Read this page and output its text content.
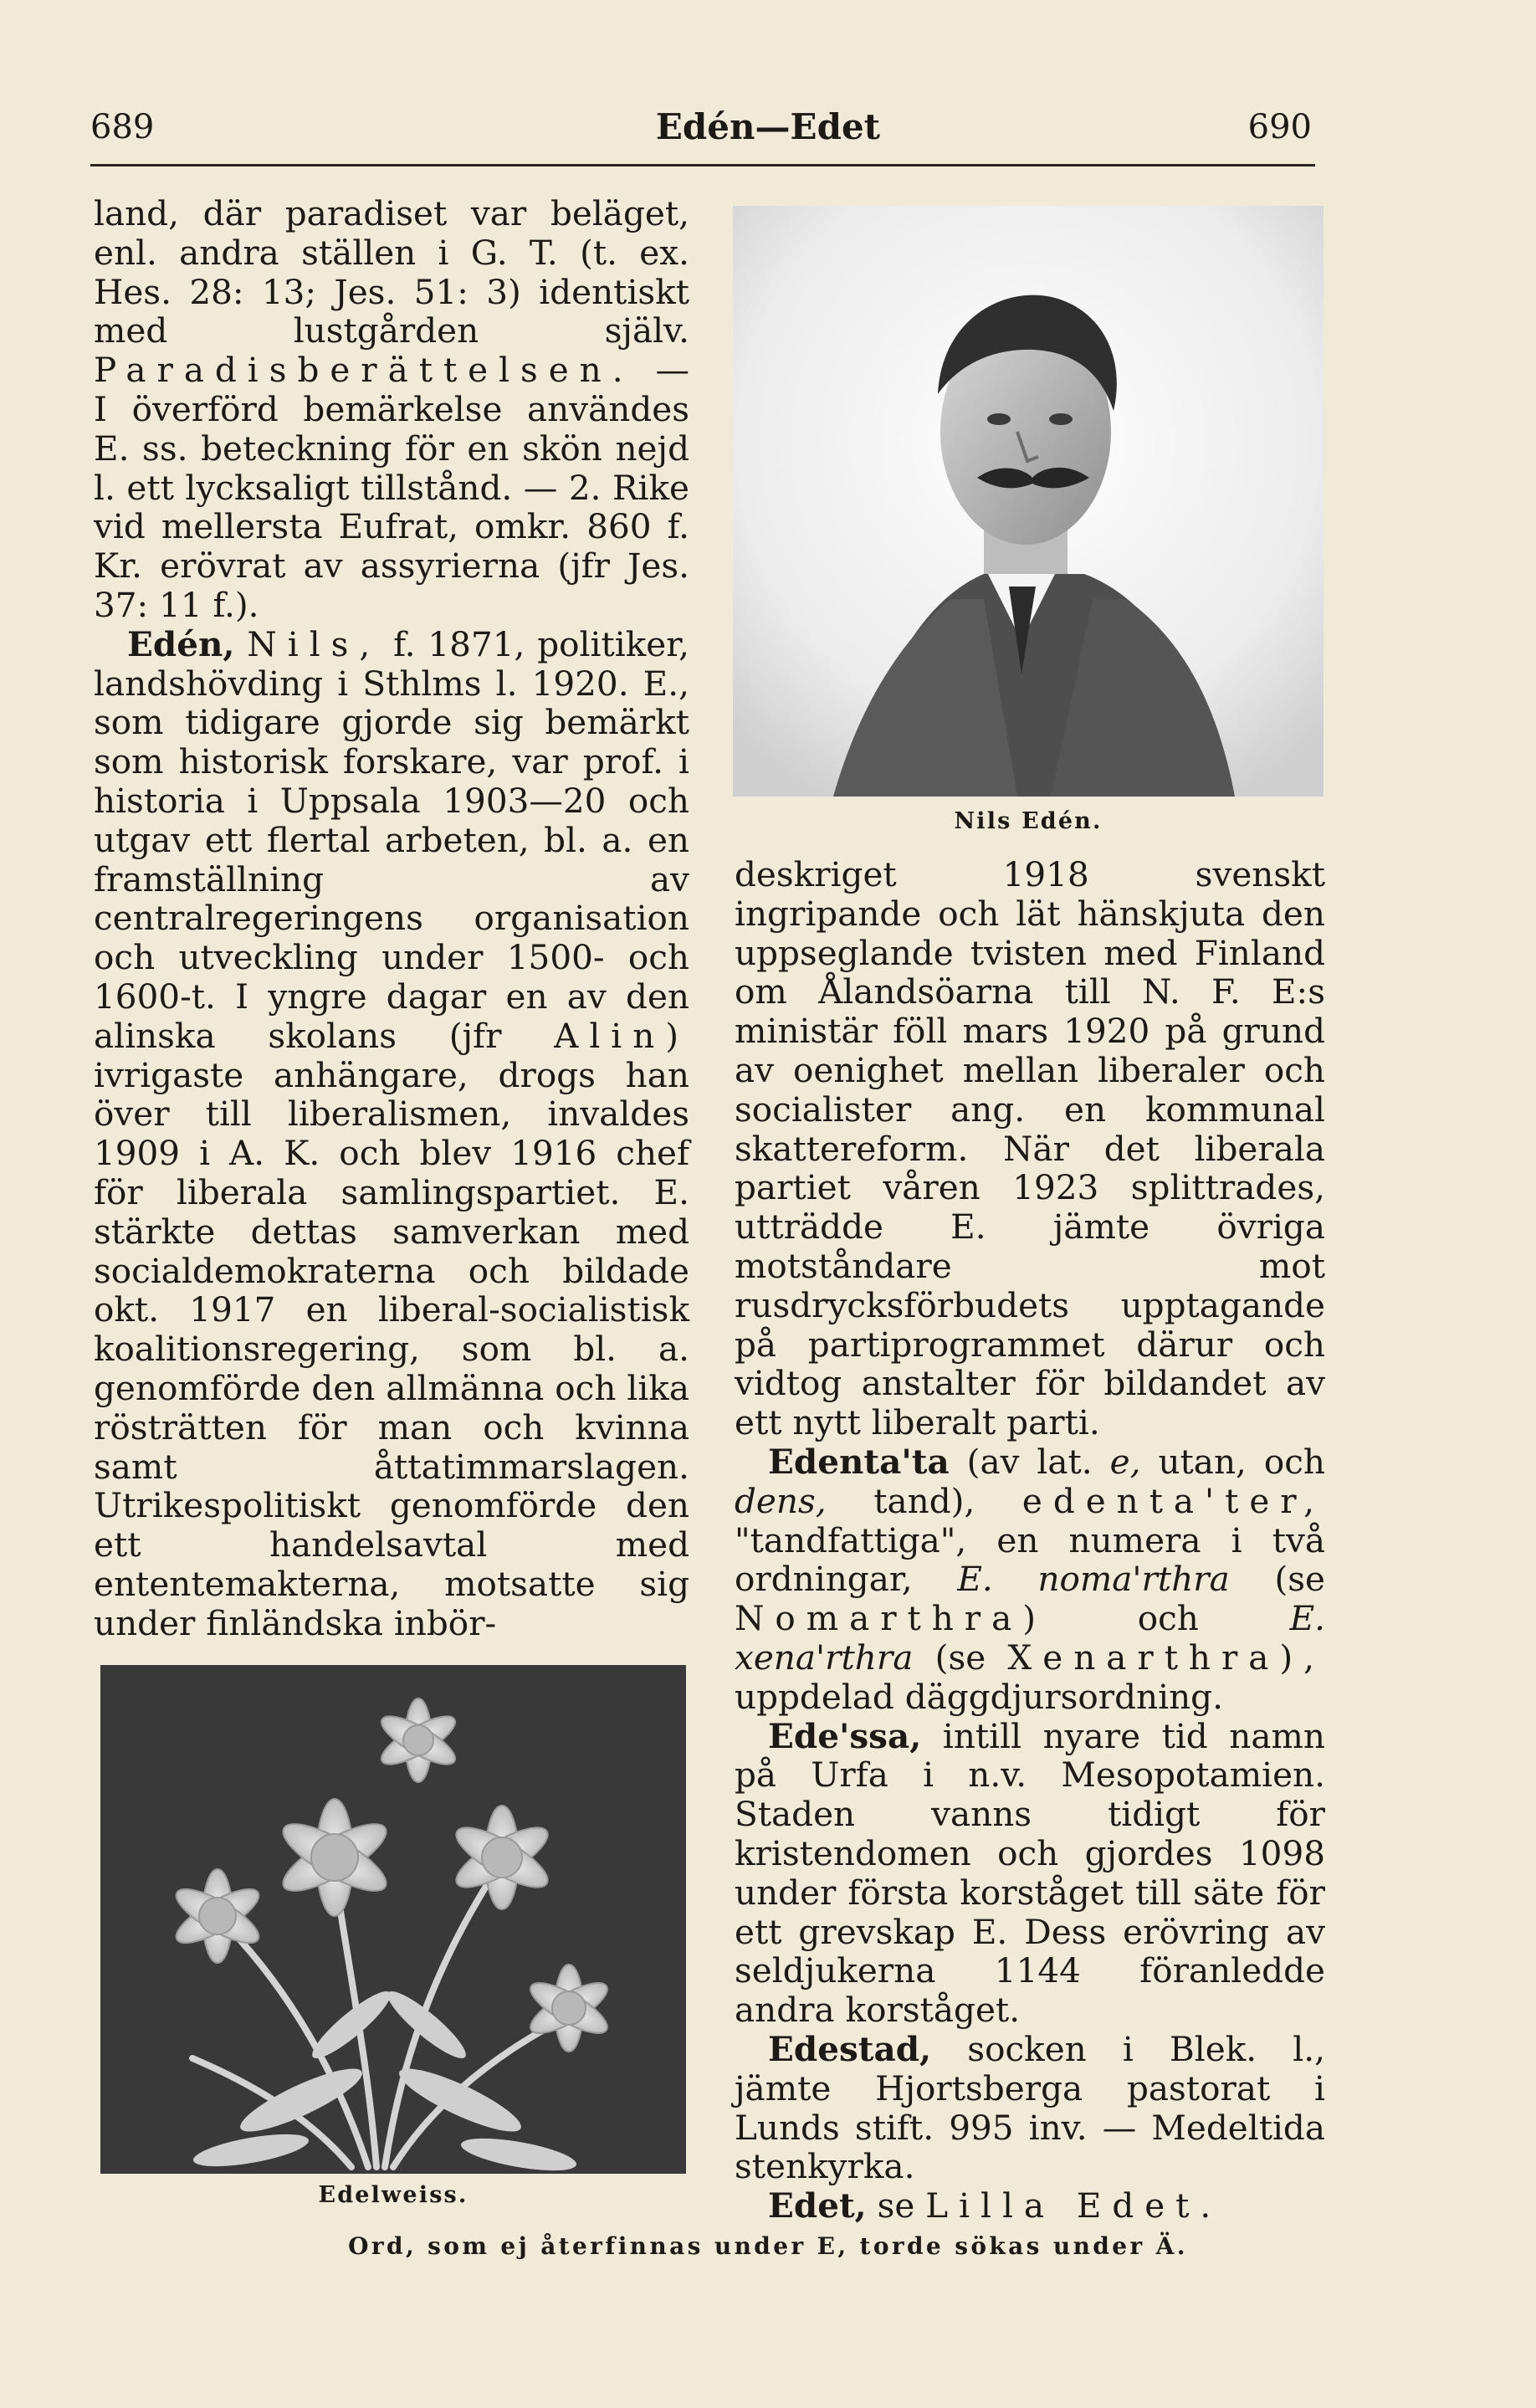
689	Edén—Edet	690

land, där paradiset var beläget, enl. andra ställen i G. T. (t. ex. Hes. 28: 13; Jes. 51: 3) identiskt med lustgården själv. Paradisberättelsen. — I överförd bemärkelse användes E. ss. beteckning för en skön nejd l. ett lycksaligt tillstånd. — 2. Rike vid mellersta Eufrat, omkr. 860 f. Kr. erövrat av assyrierna (jfr Jes. 37: 11 f.).

Edén, Nils, f. 1871, politiker, landshövding i Sthlms l. 1920. E., som tidigare gjorde sig bemärkt som historisk forskare, var prof. i historia i Uppsala 1903—20 och utgav ett flertal arbeten, bl. a. en framställning av centralregeringens organisation och utveckling under 1500- och 1600-t. I yngre dagar en av den alinska skolans (jfr Alin) ivrigaste anhängare, drogs han över till liberalismen, invaldes 1909 i A. K. och blev 1916 chef för liberala samlingspartiet. E. stärkte dettas samverkan med socialdemokraterna och bildade okt. 1917 en liberal-socialistisk koalitionsregering, som bl. a. genomförde den allmänna och lika rösträtten för man och kvinna samt åttatimmarslagen. Utrikespolitiskt genomförde den ett handelsavtal med ententemakterna, motsatte sig under finländska inbör-

Nils Edén.

deskriget 1918 svenskt ingripande och lät hänskjuta den uppseglande tvisten med Finland om Ålandsöarna till N. F. E:s ministär föll mars 1920 på grund av oenighet mellan liberaler och socialister ang. en kommunal skattereform. När det liberala partiet våren 1923 splittrades, utträdde E. jämte övriga motståndare mot rusdrycksförbudets upptagande på partiprogrammet därur och vidtog anstalter för bildandet av ett nytt liberalt parti.

Edenta'ta (av lat. e, utan, och dens, tand), edenta'ter, "tandfattiga", en numera i två ordningar, E. noma'rthra (se Nomarthra)	och	E. xena'rthra (se Xenarthra), uppdelad däggdjursordning.

Ede'ssa, intill nyare tid namn på Urfa i n.v. Mesopotamien. Staden vanns tidigt för kristendomen och gjordes 1098 under första korståget till säte för ett grevskap E. Dess erövring av seldjukerna 1144 föranledde andra korståget.

Edestad, socken i Blek. l., jämte Hjortsberga pastorat i Lunds stift. 995 inv. — Medeltida stenkyrka.

Edet, se Lilla Edet.

Edelweiss.
Ord, som ej återfinnas under E, torde sökas under Ä.
